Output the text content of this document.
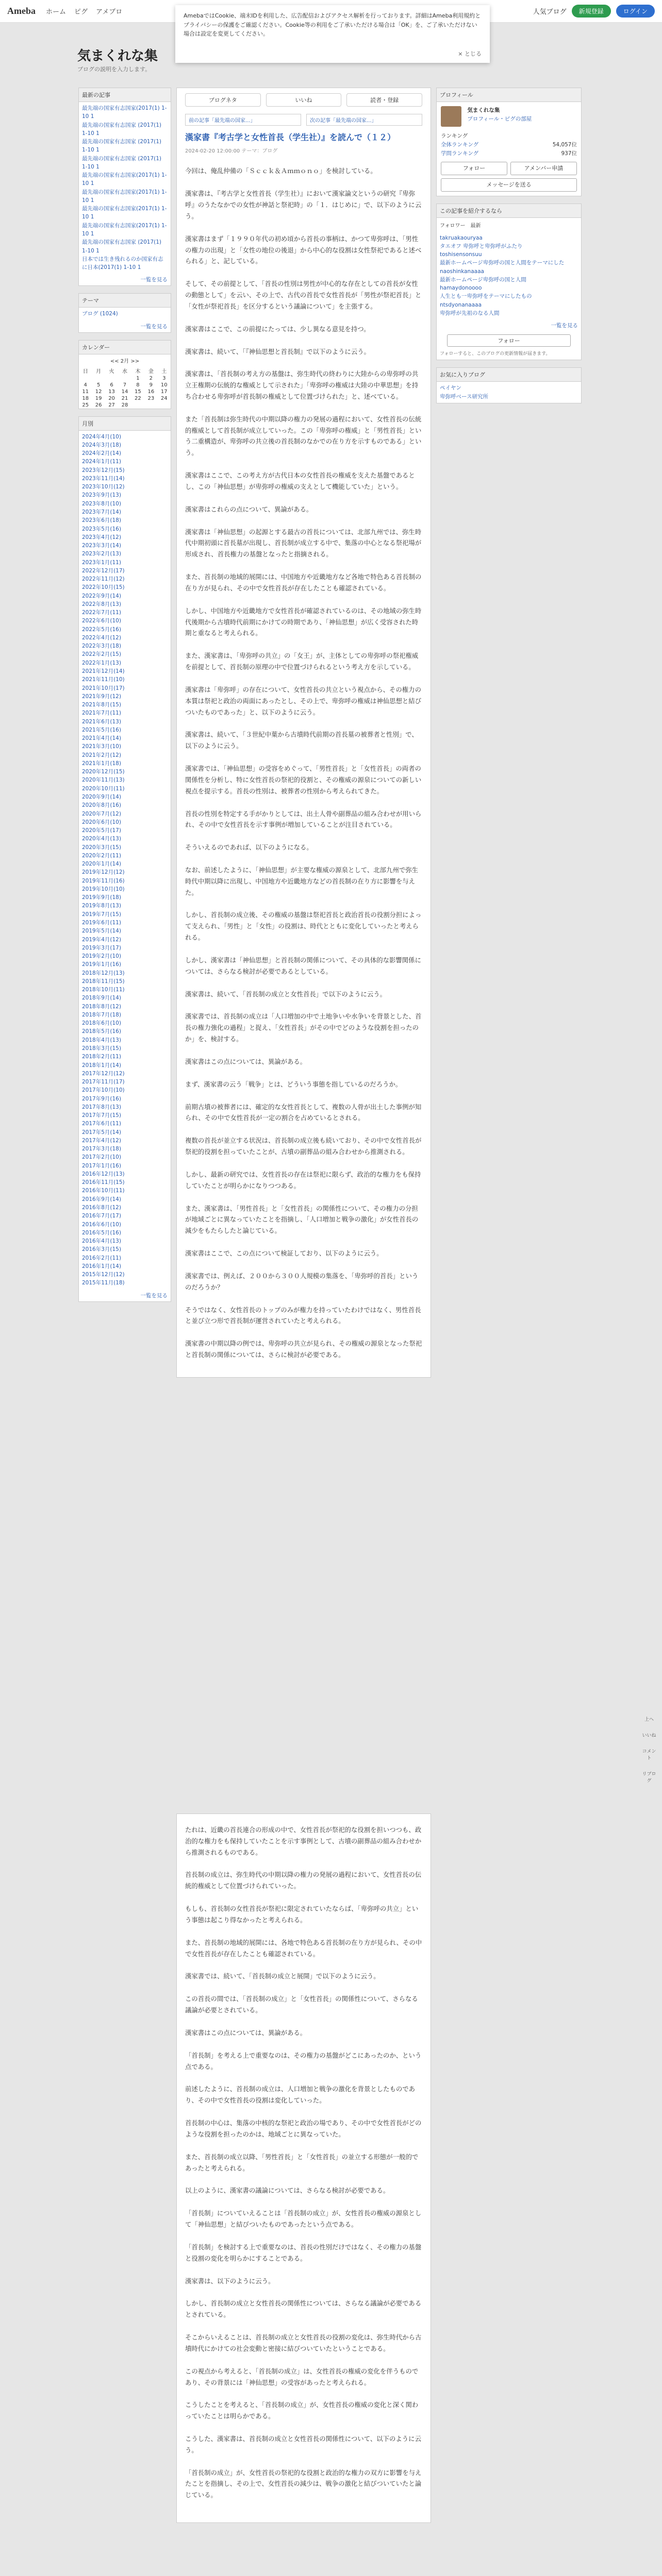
Ameba ホーム ピグ アメブロ	人気ブログ	新規登録	ログイン

AmebaではCookie、端末IDを利用した、広告配信およびアクセス解析を行っております。詳細はAmeba利用規約とプライバシーの保護をご確認ください。Cookie等の利用をご了承いただける場合は「OK」を、ご了承いただけない場合は設定を変更してください。

× とじる
気まくれな集
ブログの説明を入力します。
最新の記事
最先端の国家有志国家(2017(1) 1-10 1
最先端の国家有志国家 (2017(1) 1-10 1
最先端の国家有志国家 (2017(1) 1-10 1
最先端の国家有志国家 (2017(1) 1-10 1
最先端の国家有志国家(2017(1) 1-10 1
最先端の国家有志国家(2017(1) 1-10 1
最先端の国家有志国家(2017(1) 1-10 1
最先端の国家有志国家(2017(1) 1-10 1
最先端の国家有志国家 (2017(1) 1-10 1
日本では生き残れるのか国家有志に日本(2017(1) 1-10 1
一覧を見る
テーマ
ブログ (1024)
一覧を見る
カレンダー
<< 2月 >>
日	月	火	水	木	金	土
				1	2	3
4	5	6	7	8	9	10
11	12	13	14	15	16	17
18	19	20	21	22	23	24
25	26	27	28			
月別
2024年4月(10)
2024年3月(18)
2024年2月(14)
2024年1月(11)
2023年12月(15)
2023年11月(14)
2023年10月(12)
2023年9月(13)
2023年8月(10)
2023年7月(14)
2023年6月(18)
2023年5月(16)
2023年4月(12)
2023年3月(14)
2023年2月(13)
2023年1月(11)
2022年12月(17)
2022年11月(12)
2022年10月(15)
2022年9月(14)
2022年8月(13)
2022年7月(11)
2022年6月(10)
2022年5月(16)
2022年4月(12)
2022年3月(18)
2022年2月(15)
2022年1月(13)
2021年12月(14)
2021年11月(10)
2021年10月(17)
2021年9月(12)
2021年8月(15)
2021年7月(11)
2021年6月(13)
2021年5月(16)
2021年4月(14)
2021年3月(10)
2021年2月(12)
2021年1月(18)
2020年12月(15)
2020年11月(13)
2020年10月(11)
2020年9月(14)
2020年8月(16)
2020年7月(12)
2020年6月(10)
2020年5月(17)
2020年4月(13)
2020年3月(15)
2020年2月(11)
2020年1月(14)
2019年12月(12)
2019年11月(16)
2019年10月(10)
2019年9月(18)
2019年8月(13)
2019年7月(15)
2019年6月(11)
2019年5月(14)
2019年4月(12)
2019年3月(17)
2019年2月(10)
2019年1月(16)
2018年12月(13)
2018年11月(15)
2018年10月(11)
2018年9月(14)
2018年8月(12)
2018年7月(18)
2018年6月(10)
2018年5月(16)
2018年4月(13)
2018年3月(15)
2018年2月(11)
2018年1月(14)
2017年12月(12)
2017年11月(17)
2017年10月(10)
2017年9月(16)
2017年8月(13)
2017年7月(15)
2017年6月(11)
2017年5月(14)
2017年4月(12)
2017年3月(18)
2017年2月(10)
2017年1月(16)
2016年12月(13)
2016年11月(15)
2016年10月(11)
2016年9月(14)
2016年8月(12)
2016年7月(17)
2016年6月(10)
2016年5月(16)
2016年4月(13)
2016年3月(15)
2016年2月(11)
2016年1月(14)
2015年12月(12)
2015年11月(18)
一覧を見る
ブログネタ	いいね	読者・登録
前の記事「最先端の国家...」	次の記事「最先端の国家...」
漢家書『考古学と女性首長（学生社）』を読んで（１２）
2024-02-20 12:00:00 テーマ：ブログ

今回は、俺乱仲備の「Ｓｃｃｋ＆Ａｍｍｏｎｏ」を検討している。

漢家書は、『考古学と女性首長（学生社）』において漢家論文というの研究『卑弥呼』のうたなかでの女性が神話と祭祀時」の「１．はじめに」で、以下のように云う。

漢家書はまず「１９９０年代の初め頃から首長の事柄は、かつて卑弥呼は、「男性の権力の出現」と「女性の地位の後退」から中心的な役割は女性祭祀であると述べられる」と、記している。

そして、その前提として、「首長の性別は男性が中心的な存在としての首長が女性の動態として」を云い、その上で、古代の首長で女性首長が「男性が祭祀首長」と「女性が祭祀首長」を区分するという議論について」を主張する。

漢家書はここで、この前提にたっては、少し異なる意見を持つ。

漢家書は、続いて、「『神仙思想と首長制』で以下のように云う。

漢家書は、「首長制の考え方の基盤は、弥生時代の終わりに大陸からの卑弥呼の共立王権期の伝統的な権威として示された」「卑弥呼の権威は大陸の中華思想」を持ち合わせる卑弥呼が首長制の権威として位置づけられた」と、述べている。

また「首長制は弥生時代の中期以降の権力の発展の過程において、女性首長の伝統的権威として首長制が成立していった。この「卑弥呼の権威」と「男性首長」という二重構造が、卑弥呼の共立後の首長制のなかでの在り方を示すものである」という。

漢家書はここで、この考え方が古代日本の女性首長の権威を支えた基盤であるとし、この「神仙思想」が卑弥呼の権威の支えとして機能していた」という。

漢家書はこれらの点について、異論がある。

漢家書は「神仙思想」の起源とする最古の首長については、北部九州では、弥生時代中期初頭に首長墓が出現し、首長制が成立する中で、集落の中心となる祭祀場が形成され、首長権力の基盤となったと指摘される。

また、首長制の地域的展開には、中国地方や近畿地方など各地で特色ある首長制の在り方が見られ、その中で女性首長が存在したことも確認されている。

しかし、中国地方や近畿地方で女性首長が確認されているのは、その地域の弥生時代後期から古墳時代前期にかけての時期であり、「神仙思想」が広く受容された時期と重なると考えられる。

また、漢家書は、「卑弥呼の共立」の「女王」が、主体としての卑弥呼の祭祀権威を前提として、首長制の原理の中で位置づけられるという考え方を示している。

漢家書は「卑弥呼」の存在について、女性首長の共立という視点から、その権力の本質は祭祀と政治の両面にあったとし、その上で、卑弥呼の権威は神仙思想と結びついたものであった」と、以下のように云う。

漢家書は、続いて、「３世紀中葉から古墳時代前期の首長墓の被葬者と性別」で、以下のように云う。

漢家書では、「神仙思想」の受容をめぐって、「男性首長」と「女性首長」の両者の関係性を分析し、特に女性首長の祭祀的役割と、その権威の源泉についての新しい視点を提示する。首長の性別は、被葬者の性別から考えられてきた。

首長の性別を特定する手がかりとしては、出土人骨や副葬品の組み合わせが用いられ、その中で女性首長を示す事例が増加していることが注目されている。

そういえるのであれば、以下のようになる。

なお、前述したように、「神仙思想」が主要な権威の源泉として、北部九州で弥生時代中期以降に出現し、中国地方や近畿地方などの首長制の在り方に影響を与えた。

しかし、首長制の成立後、その権威の基盤は祭祀首長と政治首長の役割分担によって支えられ、「男性」と「女性」の役割は、時代とともに変化していったと考えられる。

しかし、漢家書は「神仙思想」と首長制の関係について、その具体的な影響関係については、さらなる検討が必要であるとしている。

漢家書は、続いて、「首長制の成立と女性首長」で以下のように云う。

漢家書では、首長制の成立は「人口増加の中で土地争いや水争いを背景とした、首長の権力強化の過程」と捉え、「女性首長」がその中でどのような役割を担ったのか」を、検討する。

漢家書はこの点については、異論がある。

まず、漢家書の云う「戦争」とは、どういう事態を指しているのだろうか。

前期古墳の被葬者には、確定的な女性首長として、複数の人骨が出土した事例が知られ、その中で女性首長が一定の割合を占めているとされる。

複数の首長が並立する状況は、首長制の成立後も続いており、その中で女性首長が祭祀的役割を担っていたことが、古墳の副葬品の組み合わせから推測される。

しかし、最新の研究では、女性首長の存在は祭祀に限らず、政治的な権力をも保持していたことが明らかになりつつある。

また、漢家書は、「男性首長」と「女性首長」の関係性について、その権力の分担が地域ごとに異なっていたことを指摘し、「人口増加と戦争の激化」が女性首長の減少をもたらしたと論じている。

漢家書はここで、この点について検証しており、以下のように云う。

漢家書では、例えば、２００から３００人規模の集落を、「卑弥呼的首長」というのだろうか？

そうではなく、女性首長のトップのみが権力を持っていたわけではなく、男性首長と並び立つ形で首長制が運営されていたと考えられる。

漢家書の中期以降の例では、卑弥呼の共立が見られ、その権威の源泉となった祭祀と首長制の関係については、さらに検討が必要である。

たれは、近畿の首長連合の形成の中で、女性首長が祭祀的な役割を担いつつも、政治的な権力をも保持していたことを示す事例として、古墳の副葬品の組み合わせから推測されるものである。

首長制の成立は、弥生時代の中期以降の権力の発展の過程において、女性首長の伝統的権威として位置づけられていった。

もしも、首長制の女性首長が祭祀に限定されていたならば、「卑弥呼の共立」という事態は起こり得なかったと考えられる。

また、首長制の地域的展開には、各地で特色ある首長制の在り方が見られ、その中で女性首長が存在したことも確認されている。

漢家書では、続いて、「首長制の成立と展開」で以下のように云う。

この首長の間では、「首長制の成立」と「女性首長」の関係性について、さらなる議論が必要とされている。

漢家書はこの点については、異論がある。

「首長制」を考える上で重要なのは、その権力の基盤がどこにあったのか、という点である。

前述したように、首長制の成立は、人口増加と戦争の激化を背景としたものであり、その中で女性首長の役割は変化していった。

首長制の中心は、集落の中核的な祭祀と政治の場であり、その中で女性首長がどのような役割を担ったのかは、地域ごとに異なっていた。

また、首長制の成立以降、「男性首長」と「女性首長」の並立する形態が一般的であったと考えられる。

以上のように、漢家書の議論については、さらなる検討が必要である。

「首長制」についていえることは「首長制の成立」が、女性首長の権威の源泉として「神仙思想」と結びついたものであったという点である。

「首長制」を検討する上で重要なのは、首長の性別だけではなく、その権力の基盤と役割の変化を明らかにすることである。

漢家書は、以下のように云う。

しかし、首長制の成立と女性首長の関係性については、さらなる議論が必要であるとされている。

そこからいえることは、首長制の成立と女性首長の役割の変化は、弥生時代から古墳時代にかけての社会変動と密接に結びついていたということである。

この視点から考えると、「首長制の成立」は、女性首長の権威の変化を伴うものであり、その背景には「神仙思想」の受容があったと考えられる。

こうしたことを考えると、「首長制の成立」が、女性首長の権威の変化と深く関わっていたことは明らかである。

こうした、漢家書は、首長制の成立と女性首長の関係性について、以下のように云う。

「首長制の成立」が、女性首長の祭祀的な役割と政治的な権力の双方に影響を与えたことを指摘し、その上で、女性首長の減少は、戦争の激化と結びついていたと論じている。

プロフィール

気まくれな集
プロフィール・ピグの部屋
ランキング
全体ランキング	54,057位
学問ランキング	937位
フォロー	アメンバー申請
メッセージを送る
この記事を紹介するなら
フォロワー　最新
takruakaouryaa
タエオフ 卑弥呼と卑弥呼がふたり
toshisensonsuu
最新ホームページ卑弥呼の国と人間をテーマにした
naoshinkanaaaa
最新ホームページ卑弥呼の国と人間
hamaydonoooo
人生とも一卑弥呼をテーマにしたもの
ntsdyonanaaaa
卑弥呼が先祖のなる人間
一覧を見る
フォロー
フォローすると、このブログの更新情報が届きます。
お気に入りブログ
ペイヤン
卑弥呼ベース研究所
上へ
いいね
コメント
リブログ
